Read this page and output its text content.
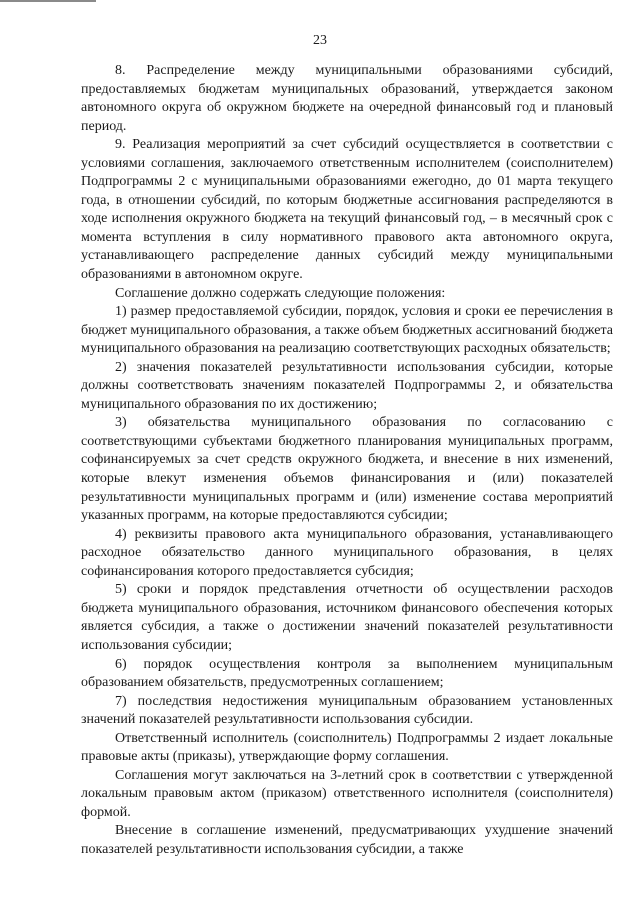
23

8. Распределение между муниципальными образованиями субсидий, предоставляемых бюджетам муниципальных образований, утверждается законом автономного округа об окружном бюджете на очередной финансовый год и плановый период.

9. Реализация мероприятий за счет субсидий осуществляется в соответствии с условиями соглашения, заключаемого ответственным исполнителем (соисполнителем) Подпрограммы 2 с муниципальными образованиями ежегодно, до 01 марта текущего года, в отношении субсидий, по которым бюджетные ассигнования распределяются в ходе исполнения окружного бюджета на текущий финансовый год, – в месячный срок с момента вступления в силу нормативного правового акта автономного округа, устанавливающего распределение данных субсидий между муниципальными образованиями в автономном округе.

Соглашение должно содержать следующие положения:

1) размер предоставляемой субсидии, порядок, условия и сроки ее перечисления в бюджет муниципального образования, а также объем бюджетных ассигнований бюджета муниципального образования на реализацию соответствующих расходных обязательств;

2) значения показателей результативности использования субсидии, которые должны соответствовать значениям показателей Подпрограммы 2, и обязательства муниципального образования по их достижению;

3) обязательства муниципального образования по согласованию с соответствующими субъектами бюджетного планирования муниципальных программ, софинансируемых за счет средств окружного бюджета, и внесение в них изменений, которые влекут изменения объемов финансирования и (или) показателей результативности муниципальных программ и (или) изменение состава мероприятий указанных программ, на которые предоставляются субсидии;

4) реквизиты правового акта муниципального образования, устанавливающего расходное обязательство данного муниципального образования, в целях софинансирования которого предоставляется субсидия;

5) сроки и порядок представления отчетности об осуществлении расходов бюджета муниципального образования, источником финансового обеспечения которых является субсидия, а также о достижении значений показателей результативности использования субсидии;

6) порядок осуществления контроля за выполнением муниципальным образованием обязательств, предусмотренных соглашением;

7) последствия недостижения муниципальным образованием установленных значений показателей результативности использования субсидии.

Ответственный исполнитель (соисполнитель) Подпрограммы 2 издает локальные правовые акты (приказы), утверждающие форму соглашения.

Соглашения могут заключаться на 3-летний срок в соответствии с утвержденной локальным правовым актом (приказом) ответственного исполнителя (соисполнителя) формой.

Внесение в соглашение изменений, предусматривающих ухудшение значений показателей результативности использования субсидии, а также
